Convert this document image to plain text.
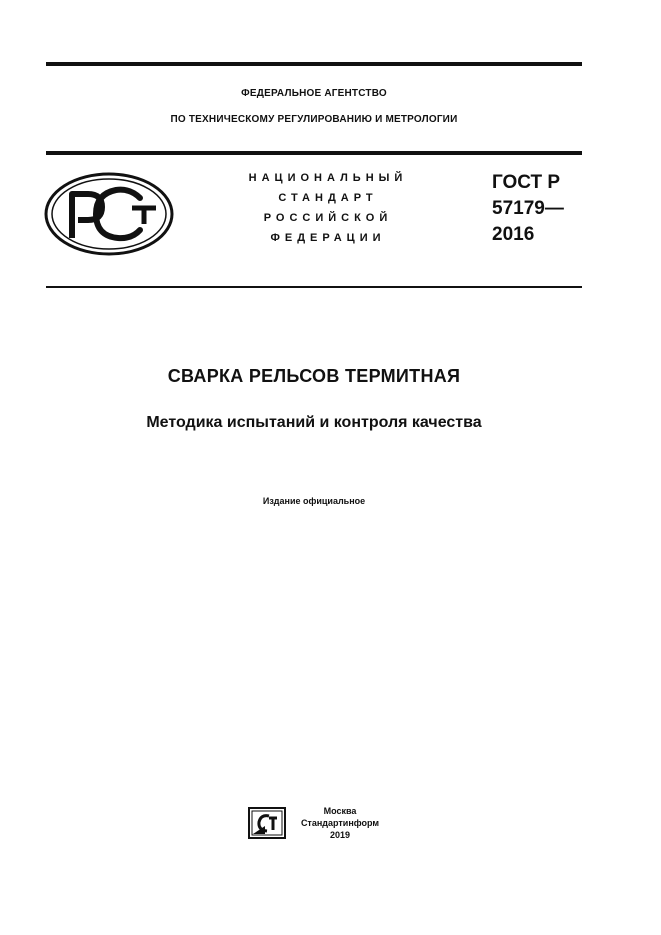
ФЕДЕРАЛЬНОЕ АГЕНТСТВО
ПО ТЕХНИЧЕСКОМУ РЕГУЛИРОВАНИЮ И МЕТРОЛОГИИ
НАЦИОНАЛЬНЫЙ
СТАНДАРТ
РОССИЙСКОЙ
ФЕДЕРАЦИИ
ГОСТ Р
57179—
2016
СВАРКА РЕЛЬСОВ ТЕРМИТНАЯ
Методика испытаний и контроля качества
Издание официальное
Москва
Стандартинформ
2019
